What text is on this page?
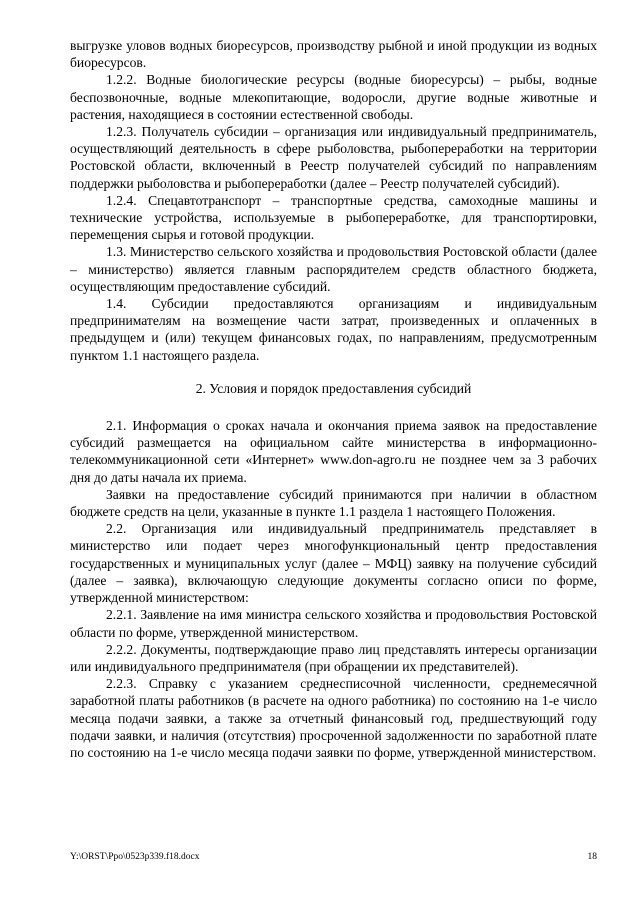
выгрузке уловов водных биоресурсов, производству рыбной и иной продукции из водных биоресурсов.

1.2.2. Водные биологические ресурсы (водные биоресурсы) – рыбы, водные беспозвоночные, водные млекопитающие, водоросли, другие водные животные и растения, находящиеся в состоянии естественной свободы.

1.2.3. Получатель субсидии – организация или индивидуальный предприниматель, осуществляющий деятельность в сфере рыболовства, рыбопереработки на территории Ростовской области, включенный в Реестр получателей субсидий по направлениям поддержки рыболовства и рыбопереработки (далее – Реестр получателей субсидий).

1.2.4. Спецавтотранспорт – транспортные средства, самоходные машины и технические устройства, используемые в рыбопереработке, для транспортировки, перемещения сырья и готовой продукции.

1.3. Министерство сельского хозяйства и продовольствия Ростовской области (далее – министерство) является главным распорядителем средств областного бюджета, осуществляющим предоставление субсидий.

1.4. Субсидии предоставляются организациям и индивидуальным предпринимателям на возмещение части затрат, произведенных и оплаченных в предыдущем и (или) текущем финансовых годах, по направлениям, предусмотренным пунктом 1.1 настоящего раздела.

2. Условия и порядок предоставления субсидий

2.1. Информация о сроках начала и окончания приема заявок на предоставление субсидий размещается на официальном сайте министерства в информационно-телекоммуникационной сети «Интернет» www.don-agro.ru не позднее чем за 3 рабочих дня до даты начала их приема.

Заявки на предоставление субсидий принимаются при наличии в областном бюджете средств на цели, указанные в пункте 1.1 раздела 1 настоящего Положения.

2.2. Организация или индивидуальный предприниматель представляет в министерство или подает через многофункциональный центр предоставления государственных и муниципальных услуг (далее – МФЦ) заявку на получение субсидий (далее – заявка), включающую следующие документы согласно описи по форме, утвержденной министерством:

2.2.1. Заявление на имя министра сельского хозяйства и продовольствия Ростовской области по форме, утвержденной министерством.

2.2.2. Документы, подтверждающие право лиц представлять интересы организации или индивидуального предпринимателя (при обращении их представителей).

2.2.3. Справку с указанием среднесписочной численности, среднемесячной заработной платы работников (в расчете на одного работника) по состоянию на 1-е число месяца подачи заявки, а также за отчетный финансовый год, предшествующий году подачи заявки, и наличия (отсутствия) просроченной задолженности по заработной плате по состоянию на 1-е число месяца подачи заявки по форме, утвержденной министерством.

Y:\ORST\Ppo\0523p339.f18.docx	18
